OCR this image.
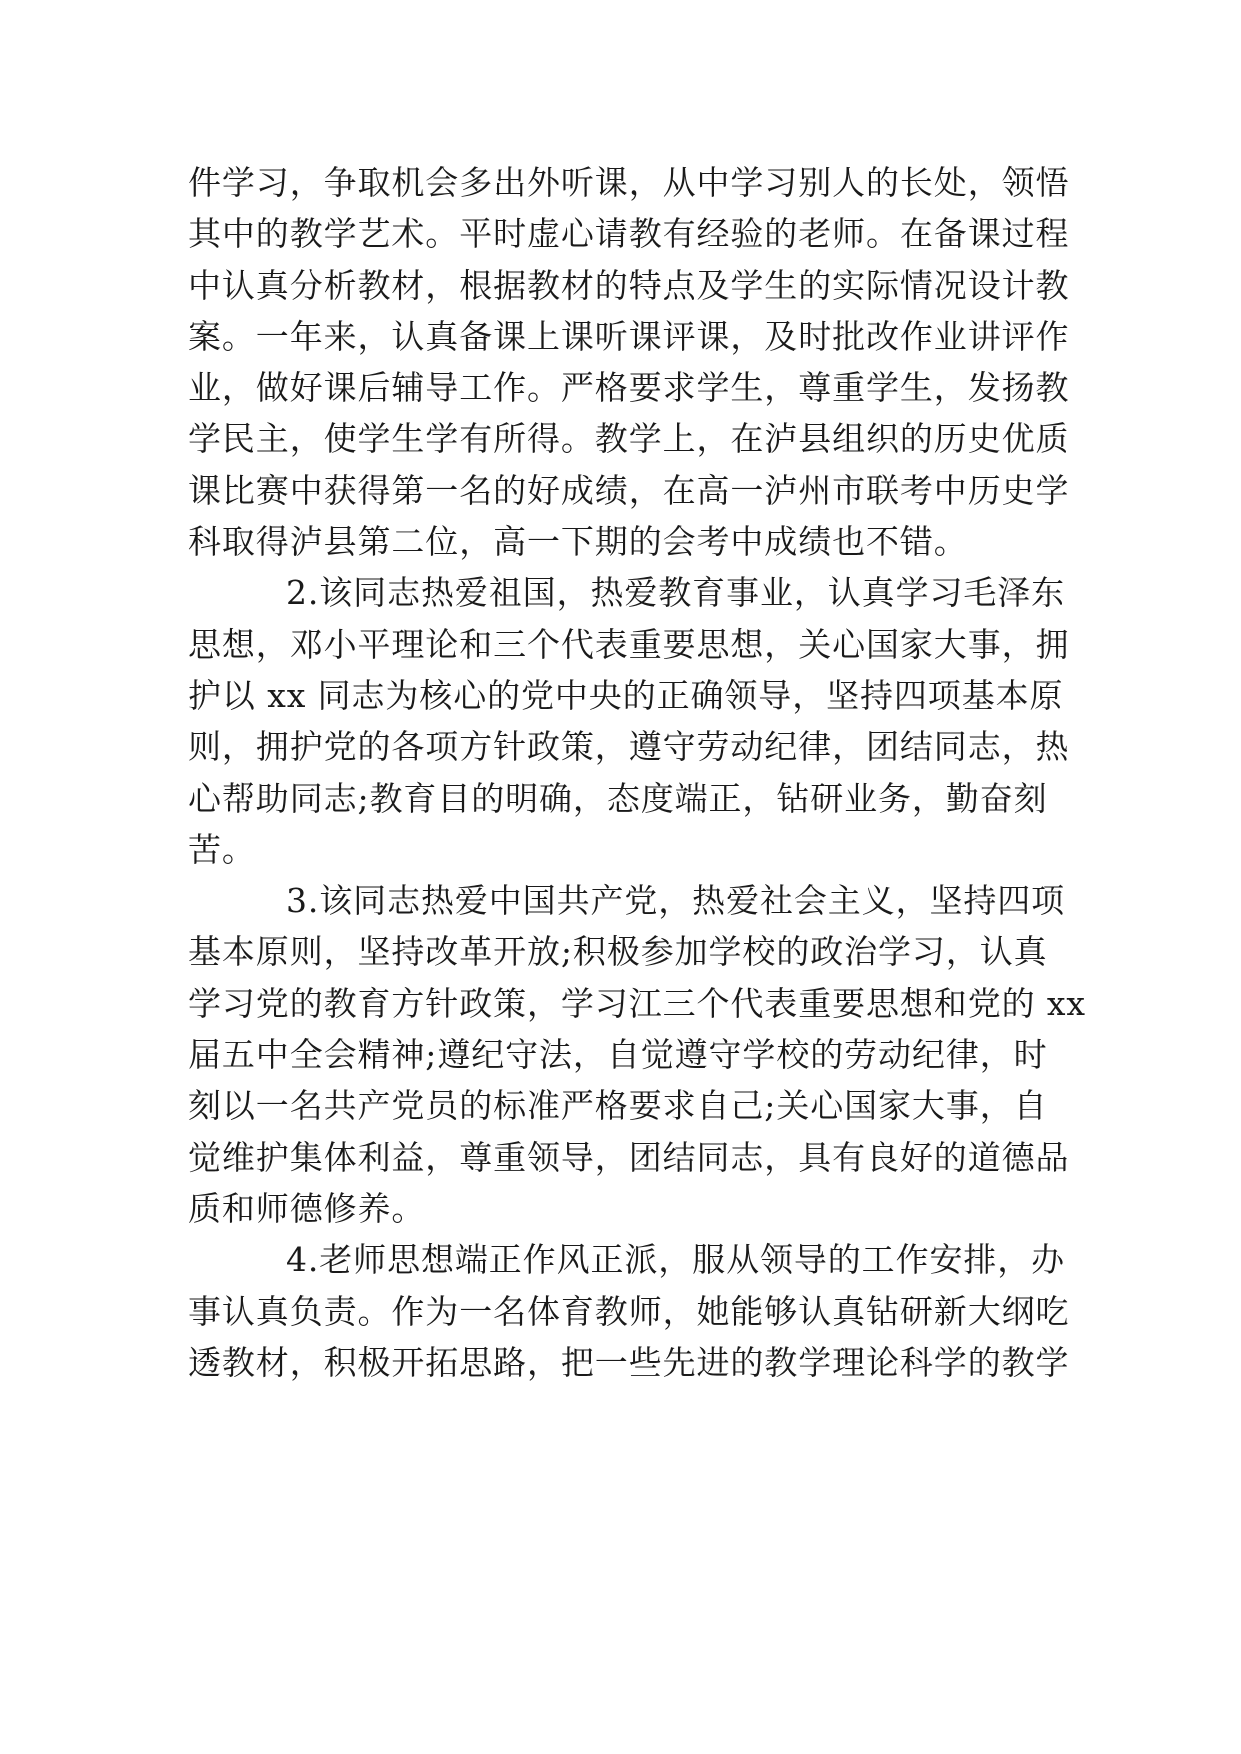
件学习，争取机会多出外听课，从中学习别人的长处，领悟
其中的教学艺术。平时虚心请教有经验的老师。在备课过程
中认真分析教材，根据教材的特点及学生的实际情况设计教
案。一年来，认真备课上课听课评课，及时批改作业讲评作
业，做好课后辅导工作。严格要求学生，尊重学生，发扬教
学民主，使学生学有所得。教学上，在泸县组织的历史优质
课比赛中获得第一名的好成绩，在高一泸州市联考中历史学
科取得泸县第二位，高一下期的会考中成绩也不错。
2.该同志热爱祖国，热爱教育事业，认真学习毛泽东
思想，邓小平理论和三个代表重要思想，关心国家大事，拥
护以 xx 同志为核心的党中央的正确领导，坚持四项基本原
则，拥护党的各项方针政策，遵守劳动纪律，团结同志，热
心帮助同志;教育目的明确，态度端正，钻研业务，勤奋刻
苦。
3.该同志热爱中国共产党，热爱社会主义，坚持四项
基本原则，坚持改革开放;积极参加学校的政治学习，认真
学习党的教育方针政策，学习江三个代表重要思想和党的 xx
届五中全会精神;遵纪守法，自觉遵守学校的劳动纪律，时
刻以一名共产党员的标准严格要求自己;关心国家大事，自
觉维护集体利益，尊重领导，团结同志，具有良好的道德品
质和师德修养。
4.老师思想端正作风正派，服从领导的工作安排，办
事认真负责。作为一名体育教师，她能够认真钻研新大纲吃
透教材，积极开拓思路，把一些先进的教学理论科学的教学
